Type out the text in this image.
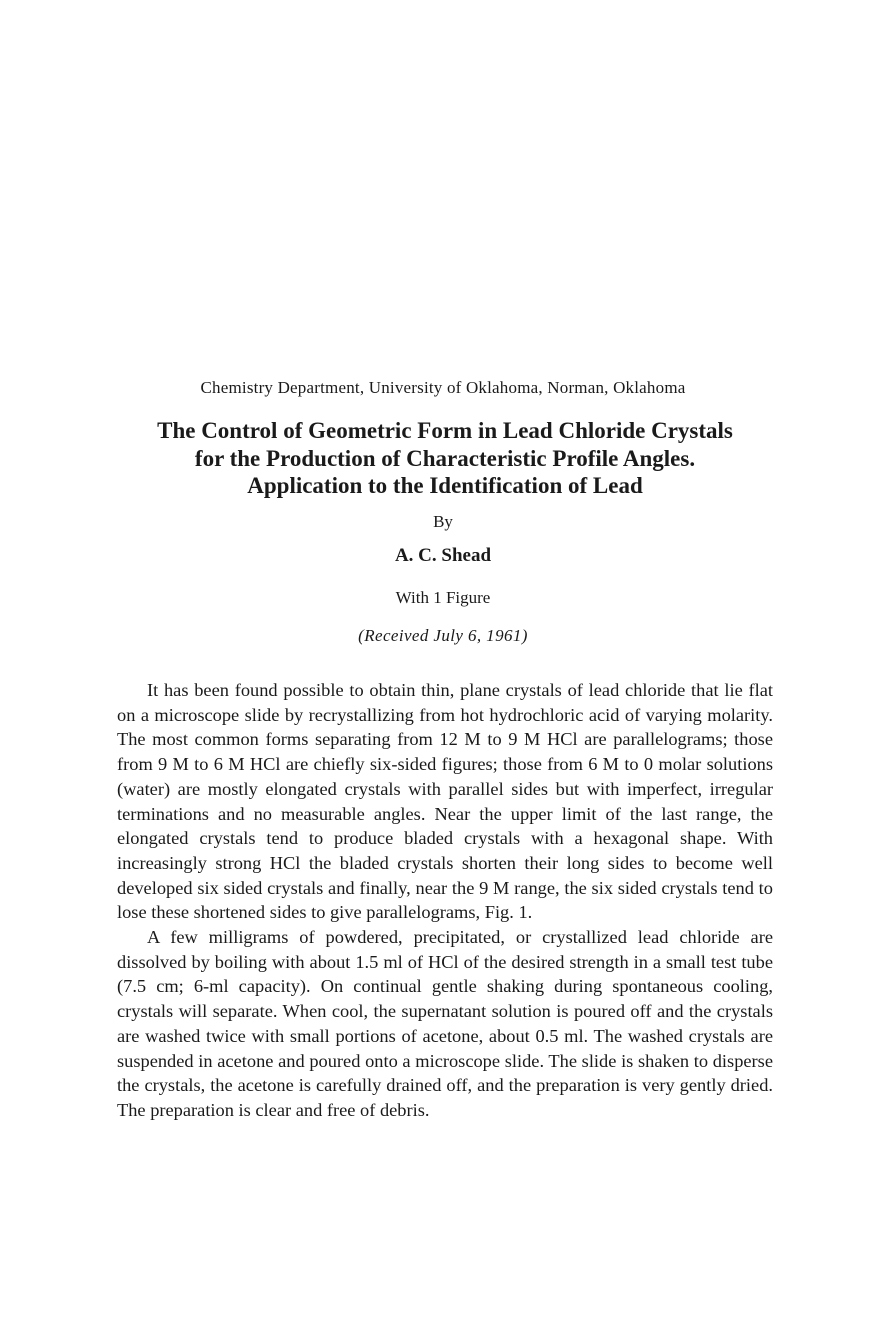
Chemistry Department, University of Oklahoma, Norman, Oklahoma
The Control of Geometric Form in Lead Chloride Crystals
for the Production of Characteristic Profile Angles.
Application to the Identification of Lead
By
A. C. Shead
With 1 Figure
(Received July 6, 1961)

It has been found possible to obtain thin, plane crystals of lead chloride that lie flat on a microscope slide by recrystallizing from hot hydrochloric acid of varying molarity. The most common forms separating from 12 M to 9 M HCl are parallelograms; those from 9 M to 6 M HCl are chiefly six-sided figures; those from 6 M to 0 molar solutions (water) are mostly elongated crystals with parallel sides but with imperfect, irregular terminations and no measurable angles. Near the upper limit of the last range, the elongated crystals tend to produce bladed crystals with a hexagonal shape. With increasingly strong HCl the bladed crystals shorten their long sides to become well developed six sided crystals and finally, near the 9 M range, the six sided crystals tend to lose these shortened sides to give parallelograms, Fig. 1.

A few milligrams of powdered, precipitated, or crystallized lead chloride are dissolved by boiling with about 1.5 ml of HCl of the desired strength in a small test tube (7.5 cm; 6-ml capacity). On continual gentle shaking during spontaneous cooling, crystals will separate. When cool, the supernatant solution is poured off and the crystals are washed twice with small portions of acetone, about 0.5 ml. The washed crystals are suspended in acetone and poured onto a microscope slide. The slide is shaken to disperse the crystals, the acetone is carefully drained off, and the preparation is very gently dried. The preparation is clear and free of debris.
